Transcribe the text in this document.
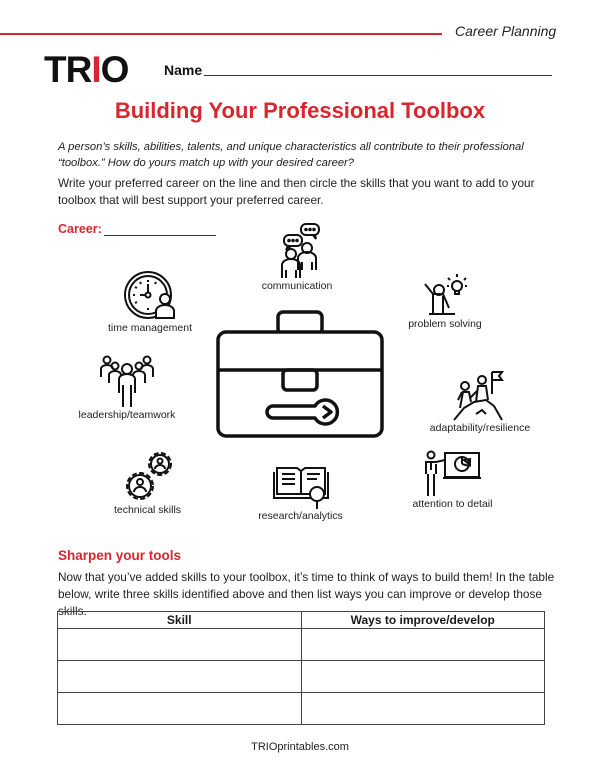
Career Planning
TRIO	Name
Building Your Professional Toolbox
A person’s skills, abilities, talents, and unique characteristics all contribute to their professional “toolbox.” How do yours match up with your desired career?
Write your preferred career on the line and then circle the skills that you want to add to your toolbox that will best support your preferred career.
Career:
communication
time management	problem solving
leadership/teamwork
adaptability/resilience
technical skills	research/analytics
attention to detail
Sharpen your tools
Now that you’ve added skills to your toolbox, it’s time to think of ways to build them! In the table below, write three skills identified above and then list ways you can improve or develop those skills.
Skill	Ways to improve/develop

TRIOprintables.com
